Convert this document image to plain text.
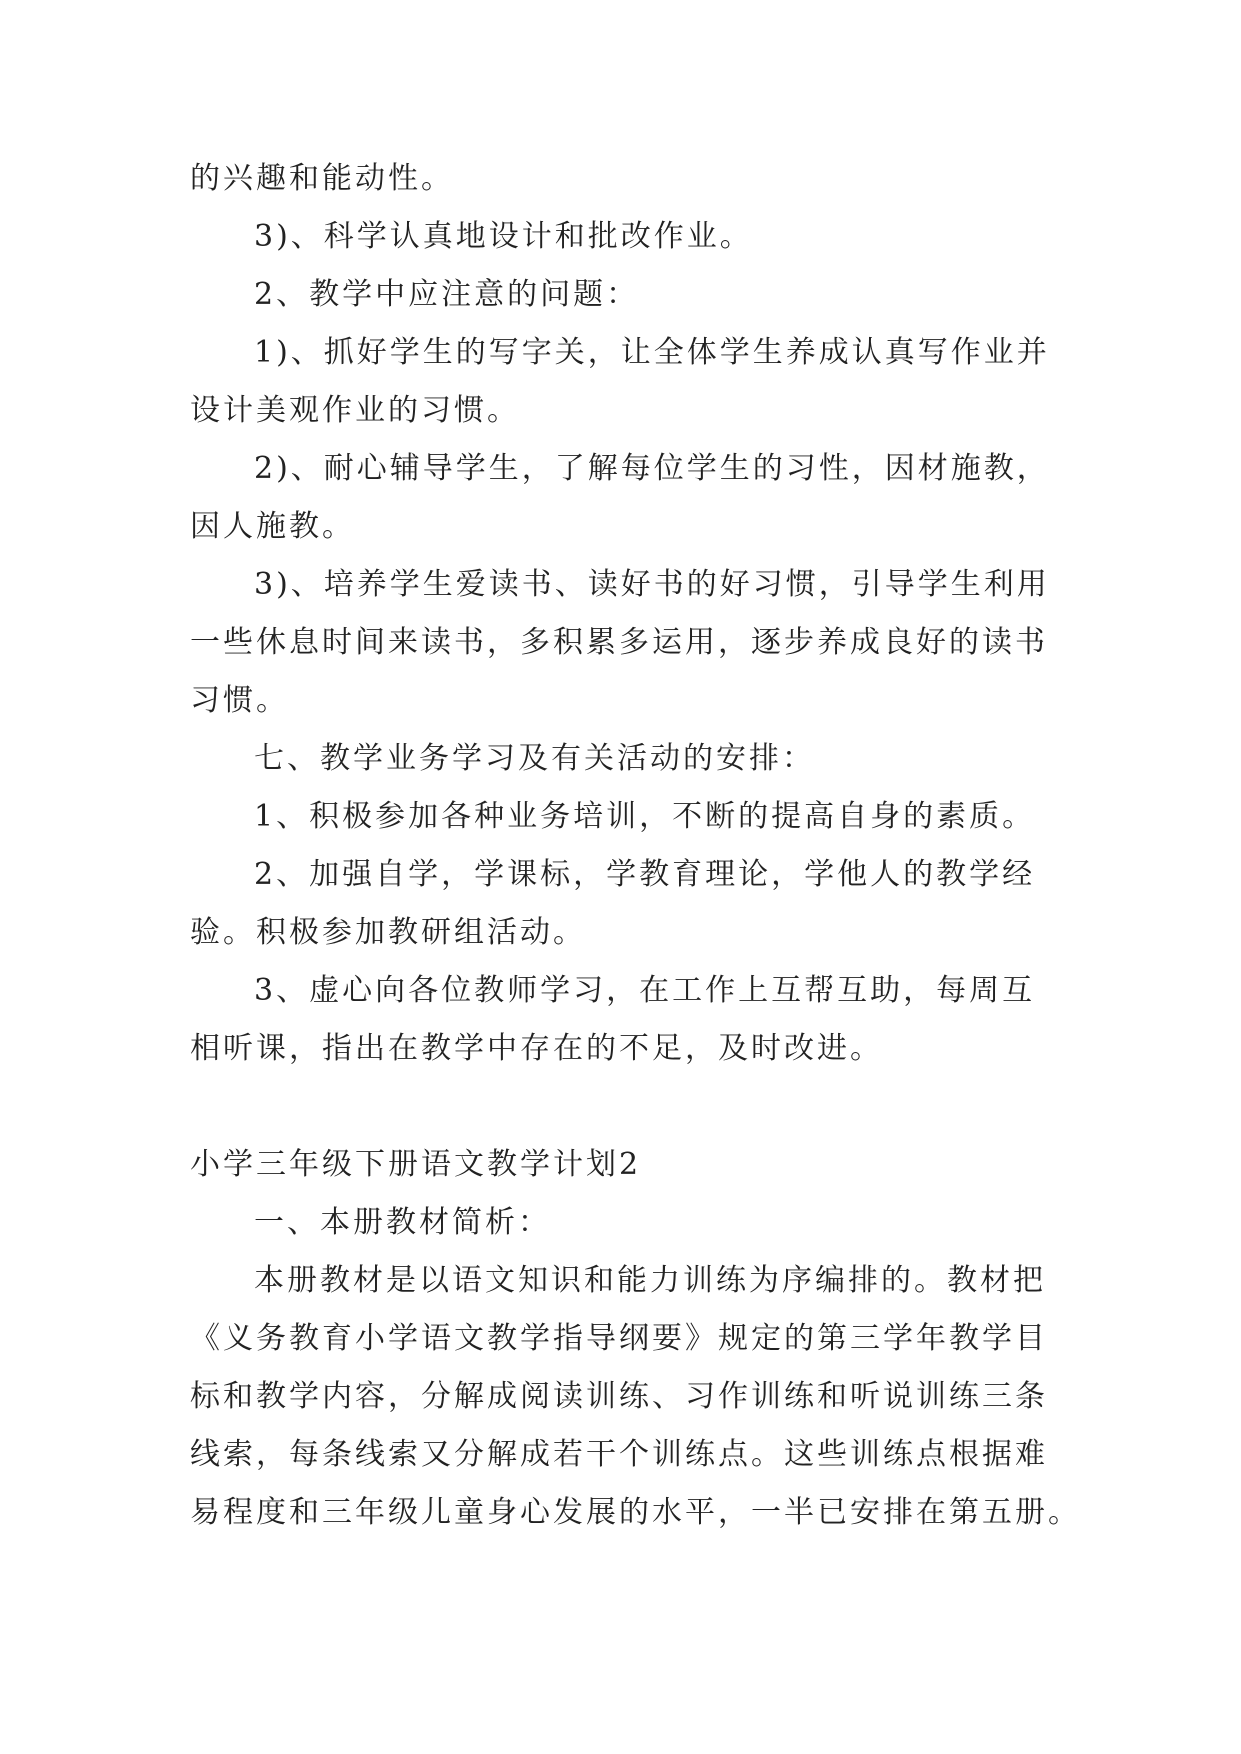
的兴趣和能动性。
3)、科学认真地设计和批改作业。
2、教学中应注意的问题：
1)、抓好学生的写字关，让全体学生养成认真写作业并
设计美观作业的习惯。
2)、耐心辅导学生，了解每位学生的习性，因材施教，
因人施教。
3)、培养学生爱读书、读好书的好习惯，引导学生利用
一些休息时间来读书，多积累多运用，逐步养成良好的读书
习惯。
七、教学业务学习及有关活动的安排：
1、积极参加各种业务培训，不断的提高自身的素质。
2、加强自学，学课标，学教育理论，学他人的教学经
验。积极参加教研组活动。
3、虚心向各位教师学习，在工作上互帮互助，每周互
相听课，指出在教学中存在的不足，及时改进。
小学三年级下册语文教学计划2
一、本册教材简析：
本册教材是以语文知识和能力训练为序编排的。教材把
《义务教育小学语文教学指导纲要》规定的第三学年教学目
标和教学内容，分解成阅读训练、习作训练和听说训练三条
线索，每条线索又分解成若干个训练点。这些训练点根据难
易程度和三年级儿童身心发展的水平，一半已安排在第五册。
